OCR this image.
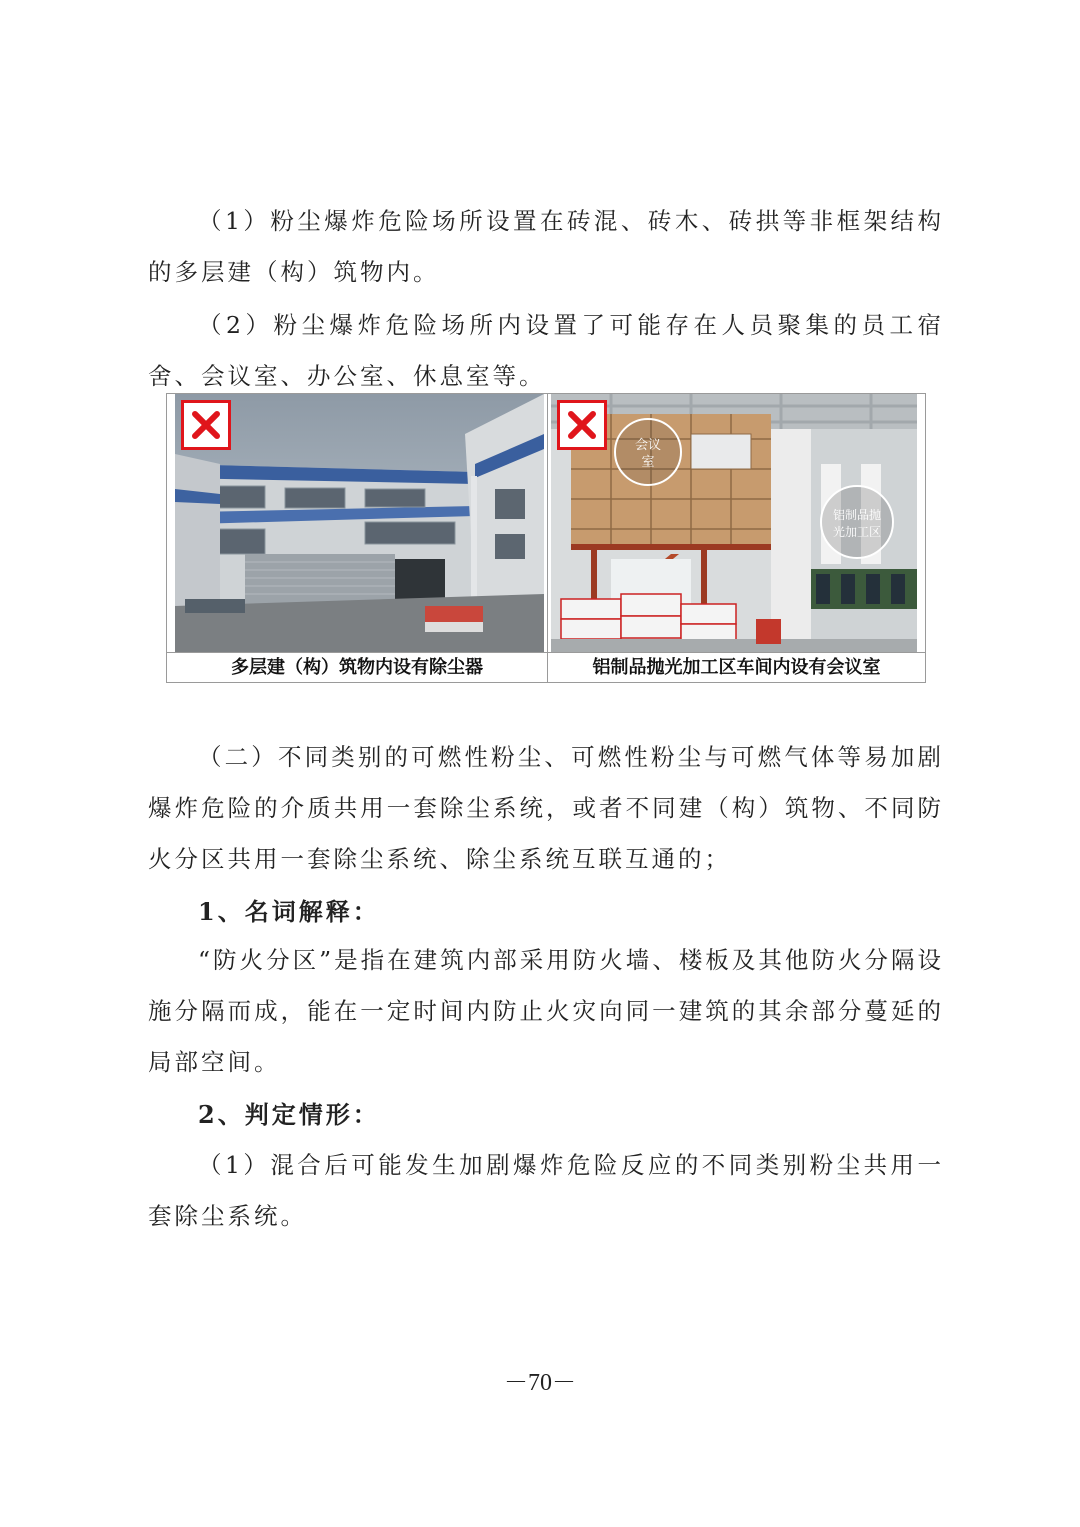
（1）粉尘爆炸危险场所设置在砖混、砖木、砖拱等非框架结构的多层建（构）筑物内。

（2）粉尘爆炸危险场所内设置了可能存在人员聚集的员工宿舍、会议室、办公室、休息室等。

会议
室
铝制品抛
光加工区
多层建（构）筑物内设有除尘器	铝制品抛光加工区车间内设有会议室

（二）不同类别的可燃性粉尘、可燃性粉尘与可燃气体等易加剧爆炸危险的介质共用一套除尘系统，或者不同建（构）筑物、不同防火分区共用一套除尘系统、除尘系统互联互通的；

1、名词解释：

“防火分区”是指在建筑内部采用防火墙、楼板及其他防火分隔设施分隔而成，能在一定时间内防止火灾向同一建筑的其余部分蔓延的局部空间。

2、判定情形：

（1）混合后可能发生加剧爆炸危险反应的不同类别粉尘共用一套除尘系统。

－70－
